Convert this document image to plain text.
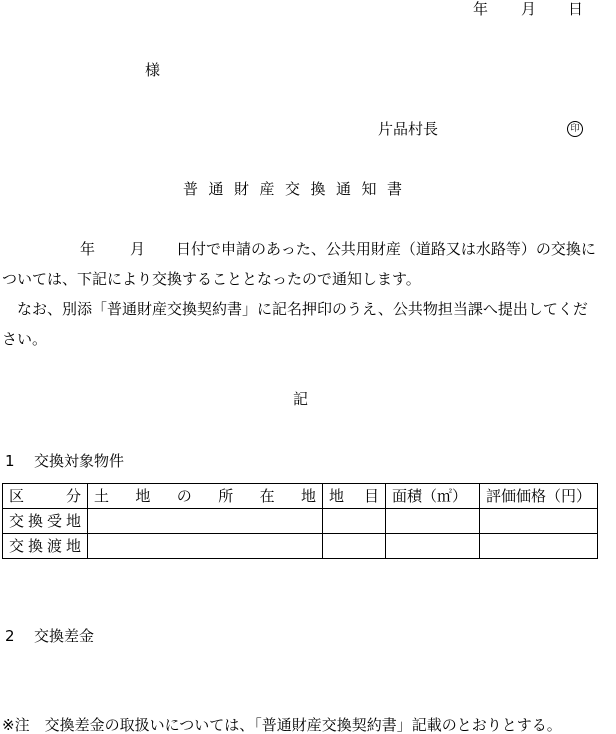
年 月 日
様
片品村長	印
普通財産交換通知書
年 月 日付で申請のあった、公共用財産（道路又は水路等）の交換に
ついては、下記により交換することとなったので通知します。
なお、別添「普通財産交換契約書」に記名押印のうえ、公共物担当課へ提出してくだ
さい。
記
1 交換対象物件
区　分	土　地　の　所　在　地	地　目	面積（㎡）	評価価格（円）
交換受地				
交換渡地				
2 交換差金
※注　交換差金の取扱いについては、「普通財産交換契約書」記載のとおりとする。
